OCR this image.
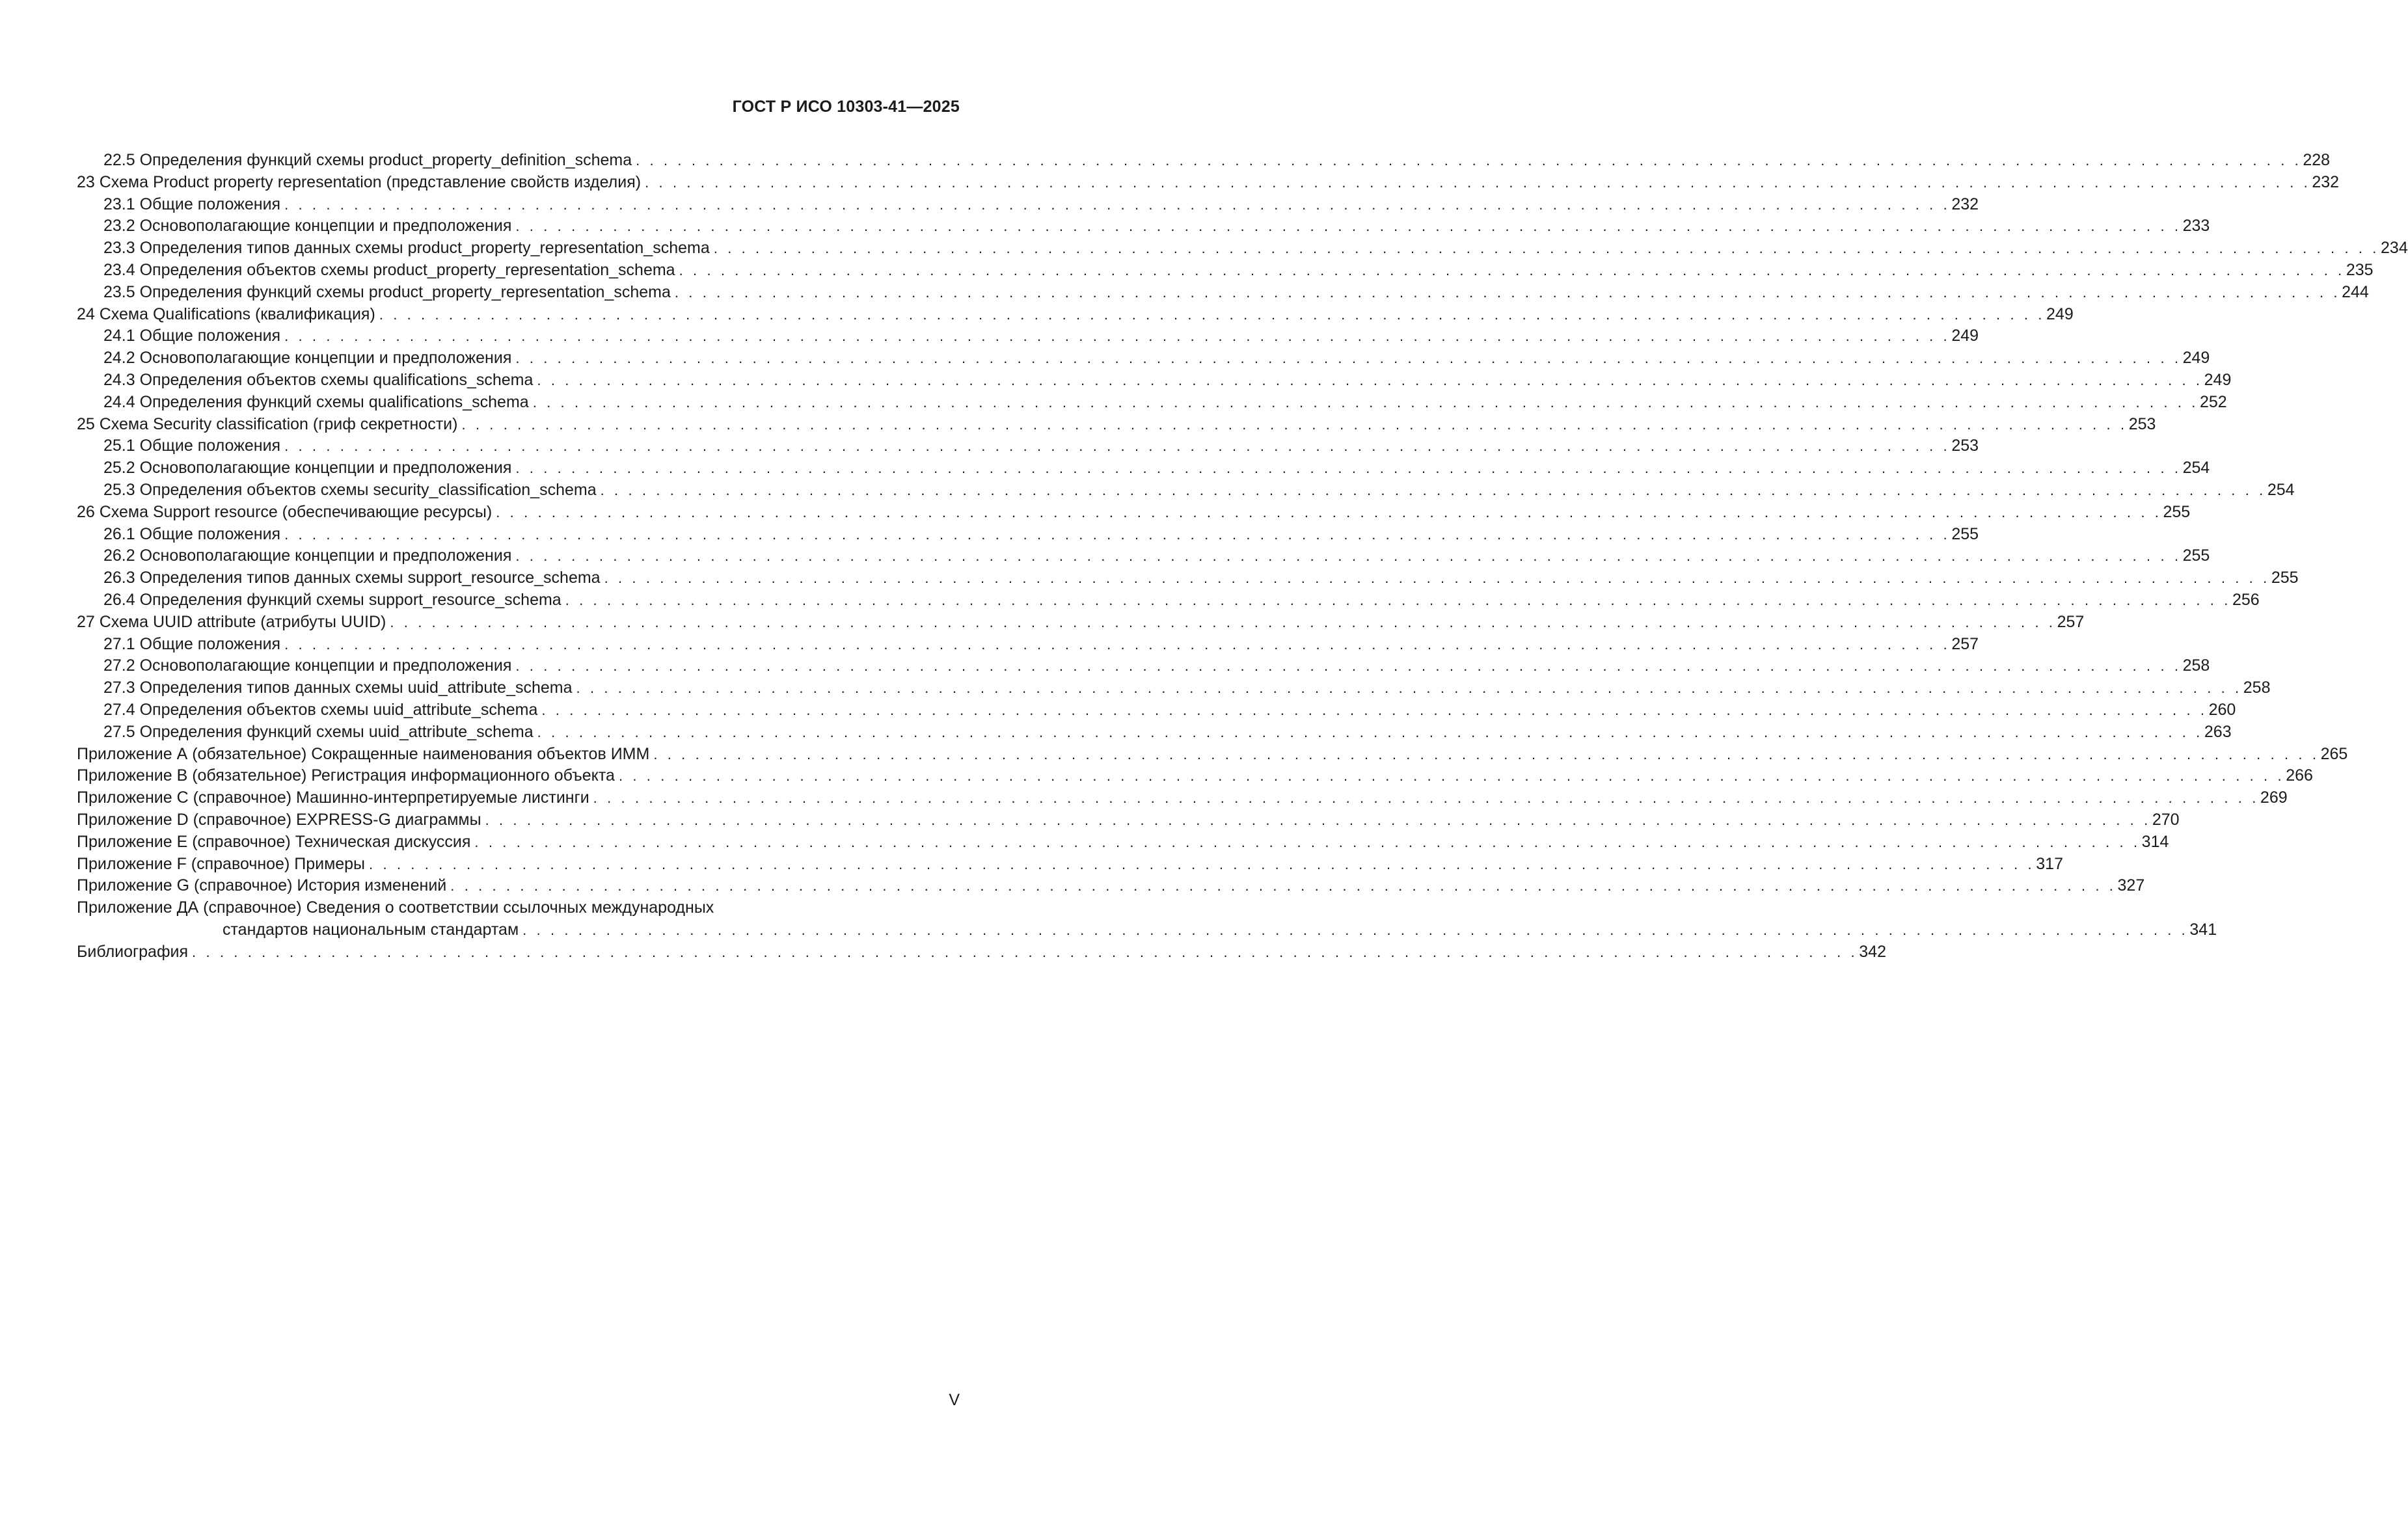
ГОСТ Р ИСО 10303-41—2025
22.5 Определения функций схемы product_property_definition_schema . . . . . . . . . . . . . . . . . . . . . . . . . . . . . . . . . . . . . . . . . . . . . . . . . . . . . . . . . . . . . . . . . . . . . . . . . . . . . . . . . . . . . . . . . . . . . . . . . . . . . . . . . . . . . . . . . . . . . . . . 228
23 Схема Product property representation (представление свойств изделия) . . . . . . . . . . . . . . . . . . . . . . . . . . . . . . . . . . . . . . . . . . . . . . . . . . . . . . . . . . . . . . . . . . . . . . . . . . . . . . . . . . . . . . . . . . . . . . . . . . . . . . . . . . . . . . . . . . . . . . . . 232
23.1 Общие положения . . . . . . . . . . . . . . . . . . . . . . . . . . . . . . . . . . . . . . . . . . . . . . . . . . . . . . . . . . . . . . . . . . . . . . . . . . . . . . . . . . . . . . . . . . . . . . . . . . . . . . . . . . . . . . . . . . . . . . . . 232
23.2 Основополагающие концепции и предположения . . . . . . . . . . . . . . . . . . . . . . . . . . . . . . . . . . . . . . . . . . . . . . . . . . . . . . . . . . . . . . . . . . . . . . . . . . . . . . . . . . . . . . . . . . . . . . . . . . . . . . . . . . . . . . . . . . . . . . . . 233
23.3 Определения типов данных схемы product_property_representation_schema . . . . . . . . . . . . . . . . . . . . . . . . . . . . . . . . . . . . . . . . . . . . . . . . . . . . . . . . . . . . . . . . . . . . . . . . . . . . . . . . . . . . . . . . . . . . . . . . . . . . . . . . . . . . . . . . . . . . . . . . 234
23.4 Определения объектов схемы product_property_representation_schema . . . . . . . . . . . . . . . . . . . . . . . . . . . . . . . . . . . . . . . . . . . . . . . . . . . . . . . . . . . . . . . . . . . . . . . . . . . . . . . . . . . . . . . . . . . . . . . . . . . . . . . . . . . . . . . . . . . . . . . . 235
23.5 Определения функций схемы product_property_representation_schema . . . . . . . . . . . . . . . . . . . . . . . . . . . . . . . . . . . . . . . . . . . . . . . . . . . . . . . . . . . . . . . . . . . . . . . . . . . . . . . . . . . . . . . . . . . . . . . . . . . . . . . . . . . . . . . . . . . . . . . . 244
24 Схема Qualifications (квалификация) . . . . . . . . . . . . . . . . . . . . . . . . . . . . . . . . . . . . . . . . . . . . . . . . . . . . . . . . . . . . . . . . . . . . . . . . . . . . . . . . . . . . . . . . . . . . . . . . . . . . . . . . . . . . . . . . . . . . . . . . 249
24.1 Общие положения . . . . . . . . . . . . . . . . . . . . . . . . . . . . . . . . . . . . . . . . . . . . . . . . . . . . . . . . . . . . . . . . . . . . . . . . . . . . . . . . . . . . . . . . . . . . . . . . . . . . . . . . . . . . . . . . . . . . . . . . 249
24.2 Основополагающие концепции и предположения . . . . . . . . . . . . . . . . . . . . . . . . . . . . . . . . . . . . . . . . . . . . . . . . . . . . . . . . . . . . . . . . . . . . . . . . . . . . . . . . . . . . . . . . . . . . . . . . . . . . . . . . . . . . . . . . . . . . . . . . 249
24.3 Определения объектов схемы qualifications_schema . . . . . . . . . . . . . . . . . . . . . . . . . . . . . . . . . . . . . . . . . . . . . . . . . . . . . . . . . . . . . . . . . . . . . . . . . . . . . . . . . . . . . . . . . . . . . . . . . . . . . . . . . . . . . . . . . . . . . . . . 249
24.4 Определения функций схемы qualifications_schema . . . . . . . . . . . . . . . . . . . . . . . . . . . . . . . . . . . . . . . . . . . . . . . . . . . . . . . . . . . . . . . . . . . . . . . . . . . . . . . . . . . . . . . . . . . . . . . . . . . . . . . . . . . . . . . . . . . . . . . . 252
25 Схема Security classification (гриф секретности) . . . . . . . . . . . . . . . . . . . . . . . . . . . . . . . . . . . . . . . . . . . . . . . . . . . . . . . . . . . . . . . . . . . . . . . . . . . . . . . . . . . . . . . . . . . . . . . . . . . . . . . . . . . . . . . . . . . . . . . . 253
25.1 Общие положения . . . . . . . . . . . . . . . . . . . . . . . . . . . . . . . . . . . . . . . . . . . . . . . . . . . . . . . . . . . . . . . . . . . . . . . . . . . . . . . . . . . . . . . . . . . . . . . . . . . . . . . . . . . . . . . . . . . . . . . . 253
25.2 Основополагающие концепции и предположения . . . . . . . . . . . . . . . . . . . . . . . . . . . . . . . . . . . . . . . . . . . . . . . . . . . . . . . . . . . . . . . . . . . . . . . . . . . . . . . . . . . . . . . . . . . . . . . . . . . . . . . . . . . . . . . . . . . . . . . . 254
25.3 Определения объектов схемы security_classification_schema . . . . . . . . . . . . . . . . . . . . . . . . . . . . . . . . . . . . . . . . . . . . . . . . . . . . . . . . . . . . . . . . . . . . . . . . . . . . . . . . . . . . . . . . . . . . . . . . . . . . . . . . . . . . . . . . . . . . . . . . 254
26 Схема Support resource (обеспечивающие ресурсы) . . . . . . . . . . . . . . . . . . . . . . . . . . . . . . . . . . . . . . . . . . . . . . . . . . . . . . . . . . . . . . . . . . . . . . . . . . . . . . . . . . . . . . . . . . . . . . . . . . . . . . . . . . . . . . . . . . . . . . . . 255
26.1 Общие положения . . . . . . . . . . . . . . . . . . . . . . . . . . . . . . . . . . . . . . . . . . . . . . . . . . . . . . . . . . . . . . . . . . . . . . . . . . . . . . . . . . . . . . . . . . . . . . . . . . . . . . . . . . . . . . . . . . . . . . . . 255
26.2 Основополагающие концепции и предположения . . . . . . . . . . . . . . . . . . . . . . . . . . . . . . . . . . . . . . . . . . . . . . . . . . . . . . . . . . . . . . . . . . . . . . . . . . . . . . . . . . . . . . . . . . . . . . . . . . . . . . . . . . . . . . . . . . . . . . . . 255
26.3 Определения типов данных схемы support_resource_schema . . . . . . . . . . . . . . . . . . . . . . . . . . . . . . . . . . . . . . . . . . . . . . . . . . . . . . . . . . . . . . . . . . . . . . . . . . . . . . . . . . . . . . . . . . . . . . . . . . . . . . . . . . . . . . . . . . . . . . . . 255
26.4 Определения функций схемы support_resource_schema . . . . . . . . . . . . . . . . . . . . . . . . . . . . . . . . . . . . . . . . . . . . . . . . . . . . . . . . . . . . . . . . . . . . . . . . . . . . . . . . . . . . . . . . . . . . . . . . . . . . . . . . . . . . . . . . . . . . . . . . 256
27 Схема UUID attribute (атрибуты UUID) . . . . . . . . . . . . . . . . . . . . . . . . . . . . . . . . . . . . . . . . . . . . . . . . . . . . . . . . . . . . . . . . . . . . . . . . . . . . . . . . . . . . . . . . . . . . . . . . . . . . . . . . . . . . . . . . . . . . . . . . 257
27.1 Общие положения . . . . . . . . . . . . . . . . . . . . . . . . . . . . . . . . . . . . . . . . . . . . . . . . . . . . . . . . . . . . . . . . . . . . . . . . . . . . . . . . . . . . . . . . . . . . . . . . . . . . . . . . . . . . . . . . . . . . . . . . 257
27.2 Основополагающие концепции и предположения . . . . . . . . . . . . . . . . . . . . . . . . . . . . . . . . . . . . . . . . . . . . . . . . . . . . . . . . . . . . . . . . . . . . . . . . . . . . . . . . . . . . . . . . . . . . . . . . . . . . . . . . . . . . . . . . . . . . . . . . 258
27.3 Определения типов данных схемы uuid_attribute_schema . . . . . . . . . . . . . . . . . . . . . . . . . . . . . . . . . . . . . . . . . . . . . . . . . . . . . . . . . . . . . . . . . . . . . . . . . . . . . . . . . . . . . . . . . . . . . . . . . . . . . . . . . . . . . . . . . . . . . . . . 258
27.4 Определения объектов схемы uuid_attribute_schema . . . . . . . . . . . . . . . . . . . . . . . . . . . . . . . . . . . . . . . . . . . . . . . . . . . . . . . . . . . . . . . . . . . . . . . . . . . . . . . . . . . . . . . . . . . . . . . . . . . . . . . . . . . . . . . . . . . . . . . . 260
27.5 Определения функций схемы uuid_attribute_schema . . . . . . . . . . . . . . . . . . . . . . . . . . . . . . . . . . . . . . . . . . . . . . . . . . . . . . . . . . . . . . . . . . . . . . . . . . . . . . . . . . . . . . . . . . . . . . . . . . . . . . . . . . . . . . . . . . . . . . . . 263
Приложение А (обязательное) Сокращенные наименования объектов ИММ . . . . . . . . . . . . . . . . . . . . . . . . . . . . . . . . . . . . . . . . . . . . . . . . . . . . . . . . . . . . . . . . . . . . . . . . . . . . . . . . . . . . . . . . . . . . . . . . . . . . . . . . . . . . . . . . . . . . . . . . 265
Приложение В (обязательное) Регистрация информационного объекта . . . . . . . . . . . . . . . . . . . . . . . . . . . . . . . . . . . . . . . . . . . . . . . . . . . . . . . . . . . . . . . . . . . . . . . . . . . . . . . . . . . . . . . . . . . . . . . . . . . . . . . . . . . . . . . . . . . . . . . . 266
Приложение С (справочное) Машинно-интерпретируемые листинги . . . . . . . . . . . . . . . . . . . . . . . . . . . . . . . . . . . . . . . . . . . . . . . . . . . . . . . . . . . . . . . . . . . . . . . . . . . . . . . . . . . . . . . . . . . . . . . . . . . . . . . . . . . . . . . . . . . . . . . . 269
Приложение D (справочное) EXPRESS-G диаграммы . . . . . . . . . . . . . . . . . . . . . . . . . . . . . . . . . . . . . . . . . . . . . . . . . . . . . . . . . . . . . . . . . . . . . . . . . . . . . . . . . . . . . . . . . . . . . . . . . . . . . . . . . . . . . . . . . . . . . . . . 270
Приложение Е (справочное) Техническая дискуссия . . . . . . . . . . . . . . . . . . . . . . . . . . . . . . . . . . . . . . . . . . . . . . . . . . . . . . . . . . . . . . . . . . . . . . . . . . . . . . . . . . . . . . . . . . . . . . . . . . . . . . . . . . . . . . . . . . . . . . . . 314
Приложение F (справочное) Примеры . . . . . . . . . . . . . . . . . . . . . . . . . . . . . . . . . . . . . . . . . . . . . . . . . . . . . . . . . . . . . . . . . . . . . . . . . . . . . . . . . . . . . . . . . . . . . . . . . . . . . . . . . . . . . . . . . . . . . . . . 317
Приложение G (справочное) История изменений . . . . . . . . . . . . . . . . . . . . . . . . . . . . . . . . . . . . . . . . . . . . . . . . . . . . . . . . . . . . . . . . . . . . . . . . . . . . . . . . . . . . . . . . . . . . . . . . . . . . . . . . . . . . . . . . . . . . . . . . 327
Приложение ДА (справочное) Сведения о соответствии ссылочных международных
стандартов национальным стандартам . . . . . . . . . . . . . . . . . . . . . . . . . . . . . . . . . . . . . . . . . . . . . . . . . . . . . . . . . . . . . . . . . . . . . . . . . . . . . . . . . . . . . . . . . . . . . . . . . . . . . . . . . . . . . . . . . . . . . . . . 341
Библиография . . . . . . . . . . . . . . . . . . . . . . . . . . . . . . . . . . . . . . . . . . . . . . . . . . . . . . . . . . . . . . . . . . . . . . . . . . . . . . . . . . . . . . . . . . . . . . . . . . . . . . . . . . . . . . . . . . . . . . . . 342
V
